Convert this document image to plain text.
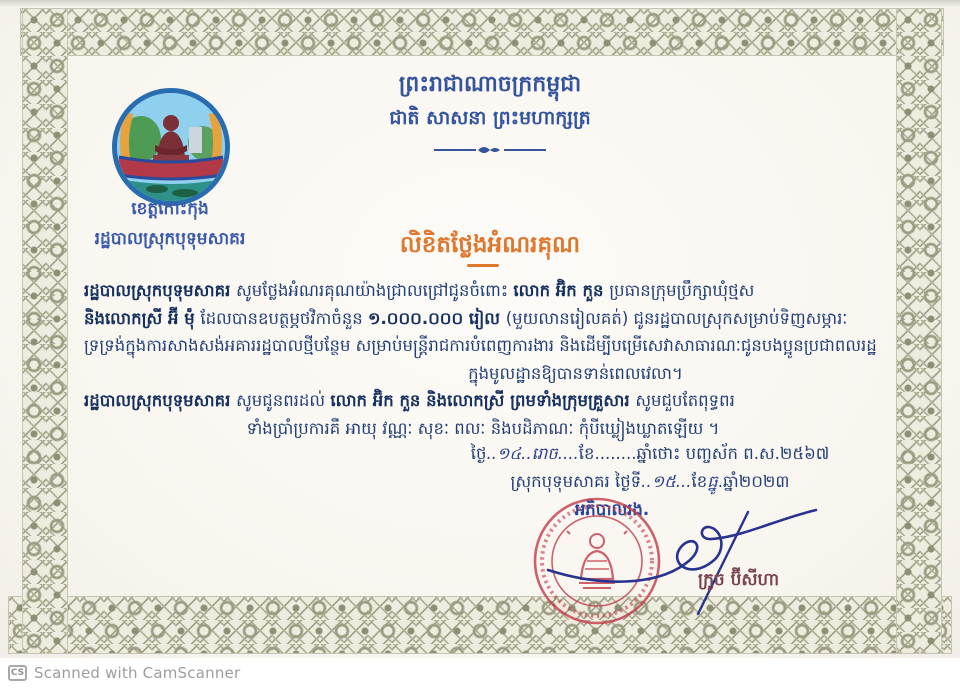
ព្រះរាជាណាចក្រកម្ពុជា
ជាតិ សាសនា ព្រះមហាក្សត្រ
ខេត្តកោះកុង
រដ្ឋបាលស្រុកបុទុមសាគរ	លិខិតថ្លែងអំណរគុណ
រដ្ឋបាលស្រុកបុទុមសាគរ សូមថ្លែងអំណរគុណយ៉ាងជ្រាលជ្រៅជូនចំពោះ លោក អ៊ិក កួន ប្រធានក្រុមប្រឹក្សាឃុំថ្មស
និងលោកស្រី អ៊ី ម៉ុំ ដែលបានឧបត្ថម្ភថវិកាចំនួន ១.០០០.០០០ រៀល (មួយលានរៀលគត់) ជូនរដ្ឋបាលស្រុកសម្រាប់ទិញសម្ភារៈ
ទ្រទ្រង់ក្នុងការសាងសង់អគាររដ្ឋបាលថ្មីបន្ថែម សម្រាប់មន្ត្រីរាជការបំពេញការងារ និងដើម្បីបម្រើសេវាសាធារណៈជូនបងប្អូនប្រជាពលរដ្ឋ
ក្នុងមូលដ្ឋានឱ្យបានទាន់ពេលវេលា។
រដ្ឋបាលស្រុកបុទុមសាគរ សូមជូនពរដល់ លោក អ៊ិក កួន និងលោកស្រី ព្រមទាំងក្រុមគ្រួសារ សូមជួបតែពុទ្ធពរ
ទាំងប្រាំប្រការគឺ អាយុ វណ្ណៈ សុខៈ ពលៈ និងបដិភាណៈ កុំបីឃ្លៀងឃ្លាតឡើយ ។
ថ្ងៃ..១៤..រោច....ខែ........ឆ្នាំថោះ បញ្ចស័ក ព.ស.២៥៦៧
ស្រុកបុទុមសាគរ ថ្ងៃទី..១៥...ខែធ្នូ.ឆ្នាំ២០២៣
អភិបាលរង.
ក្រូច ប៊ីសីហា
CS Scanned with CamScanner
